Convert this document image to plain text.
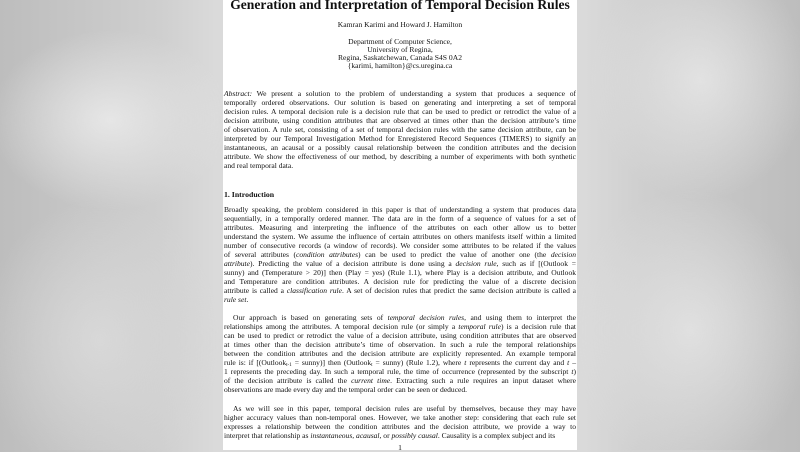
Generation and Interpretation of Temporal Decision Rules
Kamran Karimi and Howard J. Hamilton
Department of Computer Science,
University of Regina,
Regina, Saskatchewan, Canada S4S 0A2
{karimi, hamilton}@cs.uregina.ca
Abstract: We present a solution to the problem of understanding a system that produces a sequence of
temporally ordered observations. Our solution is based on generating and interpreting a set of temporal
decision rules. A temporal decision rule is a decision rule that can be used to predict or retrodict the value of a
decision attribute, using condition attributes that are observed at times other than the decision attribute’s time
of observation. A rule set, consisting of a set of temporal decision rules with the same decision attribute, can be
interpreted by our Temporal Investigation Method for Enregistered Record Sequences (TIMERS) to signify an
instantaneous, an acausal or a possibly causal relationship between the condition attributes and the decision
attribute. We show the effectiveness of our method, by describing a number of experiments with both synthetic
and real temporal data.
1. Introduction
Broadly speaking, the problem considered in this paper is that of understanding a system that produces data
sequentially, in a temporally ordered manner. The data are in the form of a sequence of values for a set of
attributes. Measuring and interpreting the influence of the attributes on each other allow us to better
understand the system. We assume the influence of certain attributes on others manifests itself within a limited
number of consecutive records (a window of records). We consider some attributes to be related if the values
of several attributes (condition attributes) can be used to predict the value of another one (the decision
attribute). Predicting the value of a decision attribute is done using a decision rule, such as if [(Outlook =
sunny) and (Temperature > 20)] then (Play = yes) (Rule 1.1), where Play is a decision attribute, and Outlook
and Temperature are condition attributes. A decision rule for predicting the value of a discrete decision
attribute is called a classification rule. A set of decision rules that predict the same decision attribute is called a
rule set.
Our approach is based on generating sets of temporal decision rules, and using them to interpret the
relationships among the attributes. A temporal decision rule (or simply a temporal rule) is a decision rule that
can be used to predict or retrodict the value of a decision attribute, using condition attributes that are observed
at times other than the decision attribute’s time of observation. In such a rule the temporal relationships
between the condition attributes and the decision attribute are explicitly represented. An example temporal
rule is: if [(Outlook$_{t-1}$ = sunny)] then (Outlook$_t$ = sunny) (Rule 1.2), where t represents the current day and t –
1 represents the preceding day. In such a temporal rule, the time of occurrence (represented by the subscript t)
of the decision attribute is called the current time. Extracting such a rule requires an input dataset where
observations are made every day and the temporal order can be seen or deduced.
As we will see in this paper, temporal decision rules are useful by themselves, because they may have
higher accuracy values than non-temporal ones. However, we take another step: considering that each rule set
expresses a relationship between the condition attributes and the decision attribute, we provide a way to
interpret that relationship as instantaneous, acausal, or possibly causal. Causality is a complex subject and its
1
